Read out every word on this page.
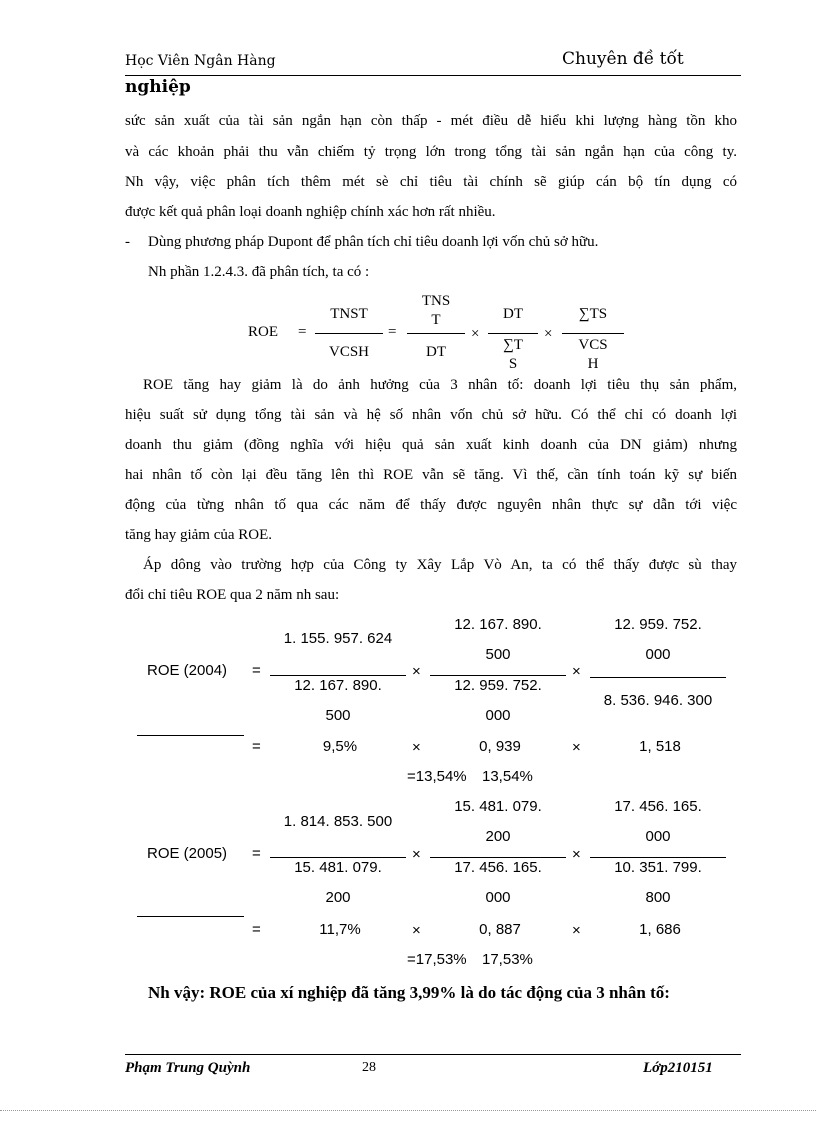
Học Viên Ngân Hàng	Chuyên đề tốt
nghiệp
sức sản xuất của tài sản ngắn hạn còn thấp - mét điều dễ hiểu khi lượng hàng tồn kho
và các khoản phải thu vẫn chiếm tỷ trọng lớn trong tổng tài sản ngắn hạn của công ty.
Nh vậy, việc phân tích thêm mét sè chỉ tiêu tài chính sẽ giúp cán bộ tín dụng có
được kết quả phân loại doanh nghiệp chính xác hơn rất nhiều.
- Dùng phương pháp Dupont để phân tích chỉ tiêu doanh lợi vốn chủ sở hữu.
Nh phần 1.2.4.3. đã phân tích, ta có :
ROE =
TNST
VCSH
=
TNS
T
DT
×
DT
∑T
S
×
∑TS
VCS
H
ROE tăng hay giảm là do ảnh hưởng của 3 nhân tố: doanh lợi tiêu thụ sản phẩm,
hiệu suất sử dụng tổng tài sản và hệ số nhân vốn chủ sở hữu. Có thể chỉ có doanh lợi
doanh thu giảm (đồng nghĩa với hiệu quả sản xuất kinh doanh của DN giảm) nhưng
hai nhân tố còn lại đều tăng lên thì ROE vẫn sẽ tăng. Vì thế, cần tính toán kỹ sự biến
động của từng nhân tố qua các năm để thấy được nguyên nhân thực sự dẫn tới việc
tăng hay giảm của ROE.
Áp dông vào trường hợp của Công ty Xây Lắp Vò An, ta có thể thấy được sù thay
đổi chỉ tiêu ROE qua 2 năm nh sau:
ROE (2004) =
1. 155. 957. 624
12. 167. 890.
500
×
12. 167. 890.
500
12. 959. 752.
000
×
12. 959. 752.
000
8. 536. 946. 300
=	9,5%	×	0, 939	×	1, 518
=13,54% 13,54%
ROE (2005) =
1. 814. 853. 500
15. 481. 079.
200
×
15. 481. 079.
200
17. 456. 165.
000
×
17. 456. 165.
000
10. 351. 799.
800
=	11,7%	×	0, 887	×	1, 686
=17,53% 17,53%
Nh vậy: ROE của xí nghiệp đã tăng 3,99% là do tác động của 3 nhân tố:
Phạm Trung Quỳnh	28	Lớp210151
